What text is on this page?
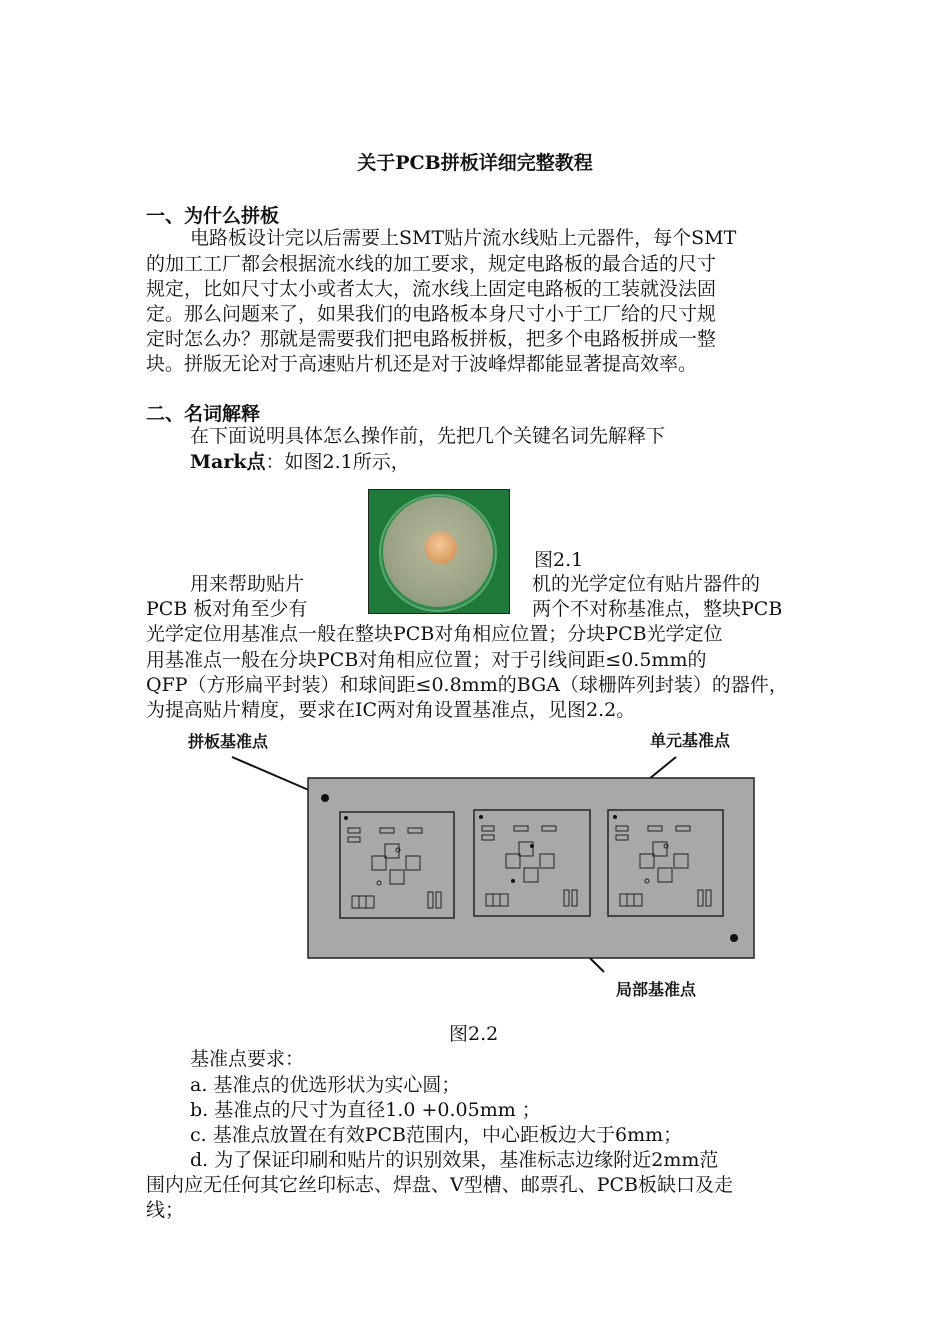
关于PCB拼板详细完整教程
一、为什么拼板
电路板设计完以后需要上SMT贴片流水线贴上元器件，每个SMT
的加工工厂都会根据流水线的加工要求，规定电路板的最合适的尺寸
规定，比如尺寸太小或者太大，流水线上固定电路板的工装就没法固
定。那么问题来了，如果我们的电路板本身尺寸小于工厂给的尺寸规
定时怎么办？那就是需要我们把电路板拼板，把多个电路板拼成一整
块。拼版无论对于高速贴片机还是对于波峰焊都能显著提高效率。
二、名词解释
在下面说明具体怎么操作前，先把几个关键名词先解释下
Mark点：如图2.1所示，
图2.1
用来帮助贴片	机的光学定位有贴片器件的
PCB 板对角至少有	两个不对称基准点，整块PCB
光学定位用基准点一般在整块PCB对角相应位置；分块PCB光学定位
用基准点一般在分块PCB对角相应位置；对于引线间距≤0.5mm的
QFP（方形扁平封装）和球间距≤0.8mm的BGA（球栅阵列封装）的器件，
为提高贴片精度，要求在IC两对角设置基准点，见图2.2。
拼板基准点	单元基准点
局部基准点
图2.2
基准点要求：
a. 基准点的优选形状为实心圆；
b. 基准点的尺寸为直径1.0 +0.05mm ；
c. 基准点放置在有效PCB范围内，中心距板边大于6mm；
d. 为了保证印刷和贴片的识别效果，基准标志边缘附近2mm范
围内应无任何其它丝印标志、焊盘、V型槽、邮票孔、PCB板缺口及走
线；
